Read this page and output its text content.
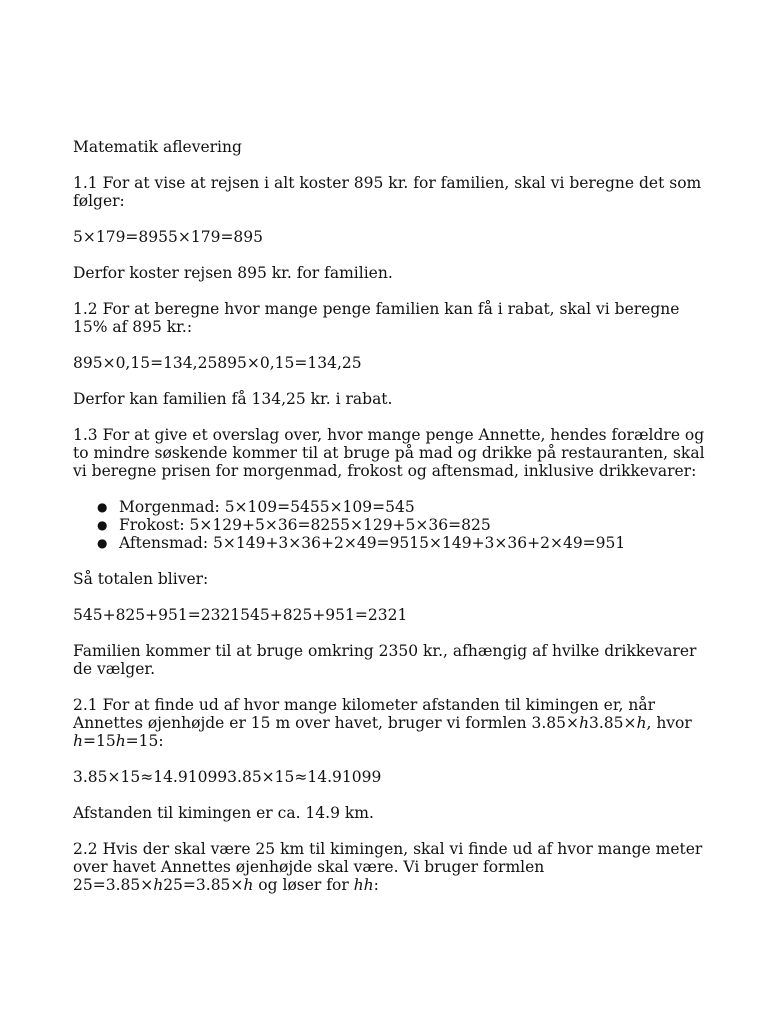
Matematik aflevering

1.1 For at vise at rejsen i alt koster 895 kr. for familien, skal vi beregne det som følger:

5×179=8955×179=895

Derfor koster rejsen 895 kr. for familien.

1.2 For at beregne hvor mange penge familien kan få i rabat, skal vi beregne 15% af 895 kr.:

895×0,15=134,25895×0,15=134,25

Derfor kan familien få 134,25 kr. i rabat.

1.3 For at give et overslag over, hvor mange penge Annette, hendes forældre og to mindre søskende kommer til at bruge på mad og drikke på restauranten, skal vi beregne prisen for morgenmad, frokost og aftensmad, inklusive drikkevarer:

● Morgenmad: 5×109=5455×109=545
● Frokost: 5×129+5×36=8255×129+5×36=825
● Aftensmad: 5×149+3×36+2×49=9515×149+3×36+2×49=951

Så totalen bliver:

545+825+951=2321545+825+951=2321

Familien kommer til at bruge omkring 2350 kr., afhængig af hvilke drikkevarer de vælger.

2.1 For at finde ud af hvor mange kilometer afstanden til kimingen er, når Annettes øjenhøjde er 15 m over havet, bruger vi formlen 3.85×ℎ3.85×ℎ, hvor ℎ=15ℎ=15:

3.85×15≈14.910993.85×15≈14.91099

Afstanden til kimingen er ca. 14.9 km.

2.2 Hvis der skal være 25 km til kimingen, skal vi finde ud af hvor mange meter over havet Annettes øjenhøjde skal være. Vi bruger formlen 25=3.85×ℎ25=3.85×ℎ og løser for ℎℎ:
